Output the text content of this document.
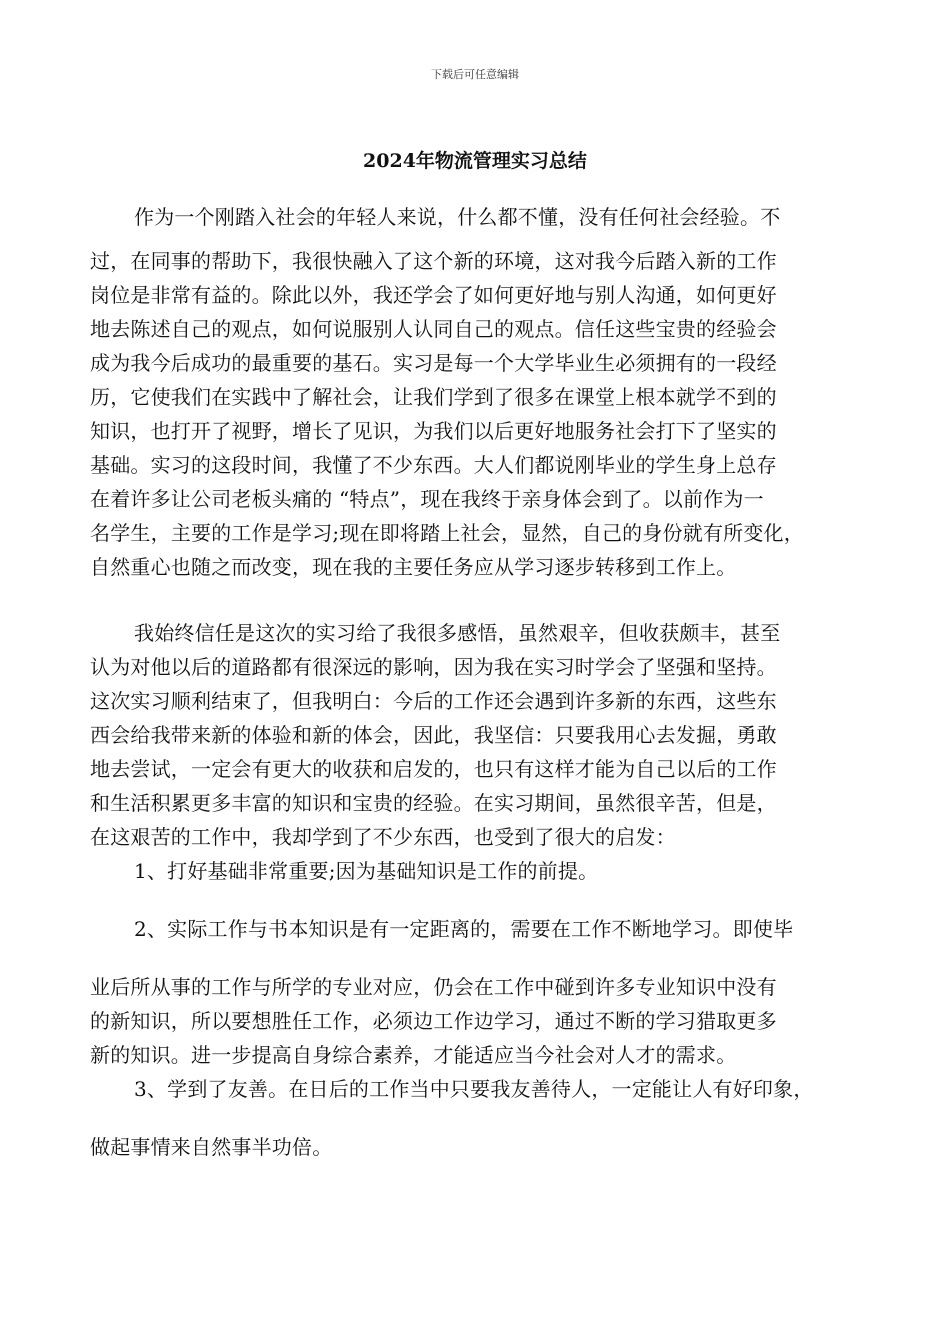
下载后可任意编辑
2024年物流管理实习总结
作为一个刚踏入社会的年轻人来说，什么都不懂，没有任何社会经验。不
过，在同事的帮助下，我很快融入了这个新的环境，这对我今后踏入新的工作
岗位是非常有益的。除此以外，我还学会了如何更好地与别人沟通，如何更好
地去陈述自己的观点，如何说服别人认同自己的观点。信任这些宝贵的经验会
成为我今后成功的最重要的基石。实习是每一个大学毕业生必须拥有的一段经
历，它使我们在实践中了解社会，让我们学到了很多在课堂上根本就学不到的
知识，也打开了视野，增长了见识，为我们以后更好地服务社会打下了坚实的
基础。实习的这段时间，我懂了不少东西。大人们都说刚毕业的学生身上总存
在着许多让公司老板头痛的 “特点”，现在我终于亲身体会到了。以前作为一
名学生，主要的工作是学习;现在即将踏上社会，显然，自己的身份就有所变化，
自然重心也随之而改变，现在我的主要任务应从学习逐步转移到工作上。
我始终信任是这次的实习给了我很多感悟，虽然艰辛，但收获颇丰，甚至
认为对他以后的道路都有很深远的影响，因为我在实习时学会了坚强和坚持。
这次实习顺利结束了，但我明白：今后的工作还会遇到许多新的东西，这些东
西会给我带来新的体验和新的体会，因此，我坚信：只要我用心去发掘，勇敢
地去尝试，一定会有更大的收获和启发的，也只有这样才能为自己以后的工作
和生活积累更多丰富的知识和宝贵的经验。在实习期间，虽然很辛苦，但是，
在这艰苦的工作中，我却学到了不少东西，也受到了很大的启发：
1、打好基础非常重要;因为基础知识是工作的前提。
2、实际工作与书本知识是有一定距离的，需要在工作不断地学习。即使毕
业后所从事的工作与所学的专业对应，仍会在工作中碰到许多专业知识中没有
的新知识，所以要想胜任工作，必须边工作边学习，通过不断的学习猎取更多
新的知识。进一步提高自身综合素养，才能适应当今社会对人才的需求。
3、学到了友善。在日后的工作当中只要我友善待人，一定能让人有好印象，
做起事情来自然事半功倍。
